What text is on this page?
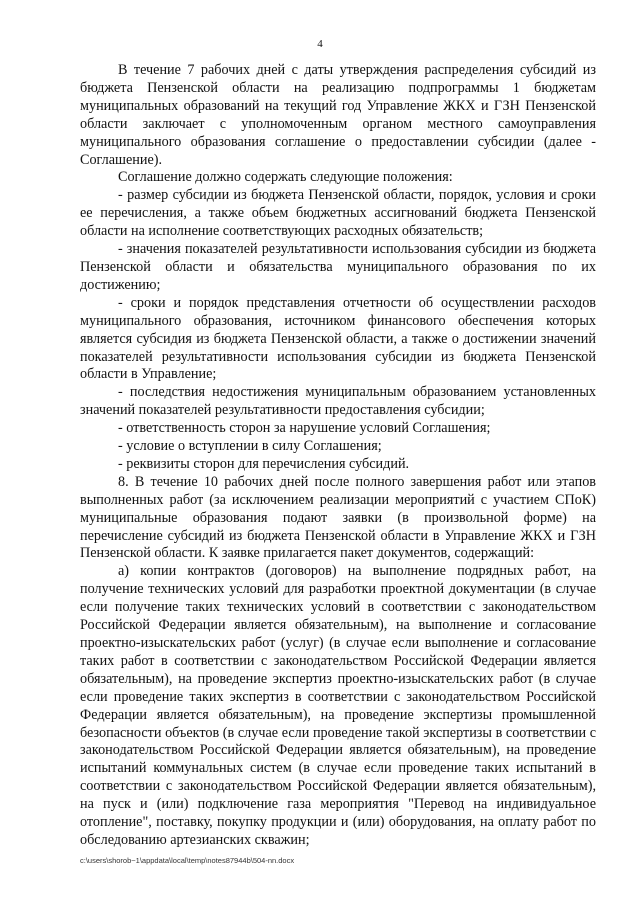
4

В течение 7 рабочих дней с даты утверждения распределения субсидий из бюджета Пензенской области на реализацию подпрограммы 1 бюджетам муниципальных образований на текущий год Управление ЖКХ и ГЗН Пензенской области заключает с уполномоченным органом местного самоуправления муниципального образования соглашение о предоставлении субсидии (далее - Соглашение).

Соглашение должно содержать следующие положения:

- размер субсидии из бюджета Пензенской области, порядок, условия и сроки ее перечисления, а также объем бюджетных ассигнований бюджета Пензенской области на исполнение соответствующих расходных обязательств;

- значения показателей результативности использования субсидии из бюджета Пензенской области и обязательства муниципального образования по их достижению;

- сроки и порядок представления отчетности об осуществлении расходов муниципального образования, источником финансового обеспечения которых является субсидия из бюджета Пензенской области, а также о достижении значений показателей результативности использования субсидии из бюджета Пензенской области в Управление;

- последствия недостижения муниципальным образованием установленных значений показателей результативности предоставления субсидии;

- ответственность сторон за нарушение условий Соглашения;

- условие о вступлении в силу Соглашения;

- реквизиты сторон для перечисления субсидий.

8. В течение 10 рабочих дней после полного завершения работ или этапов выполненных работ (за исключением реализации мероприятий с участием СПоК) муниципальные образования подают заявки (в произвольной форме) на перечисление субсидий из бюджета Пензенской области в Управление ЖКХ и ГЗН Пензенской области. К заявке прилагается пакет документов, содержащий:

а) копии контрактов (договоров) на выполнение подрядных работ, на получение технических условий для разработки проектной документации (в случае если получение таких технических условий в соответствии с законодательством Российской Федерации является обязательным), на выполнение и согласование проектно-изыскательских работ (услуг) (в случае если выполнение и согласование таких работ в соответствии с законодательством Российской Федерации является обязательным), на проведение экспертиз проектно-изыскательских работ (в случае если проведение таких экспертиз в соответствии с законодательством Российской Федерации является обязательным), на проведение экспертизы промышленной безопасности объектов (в случае если проведение такой экспертизы в соответствии с законодательством Российской Федерации является обязательным), на проведение испытаний коммунальных систем (в случае если проведение таких испытаний в соответствии с законодательством Российской Федерации является обязательным), на пуск и (или) подключение газа мероприятия "Перевод на индивидуальное отопление", поставку, покупку продукции и (или) оборудования, на оплату работ по обследованию артезианских скважин;

c:\users\shorob~1\appdata\local\temp\notes87944b\504-nn.docx
